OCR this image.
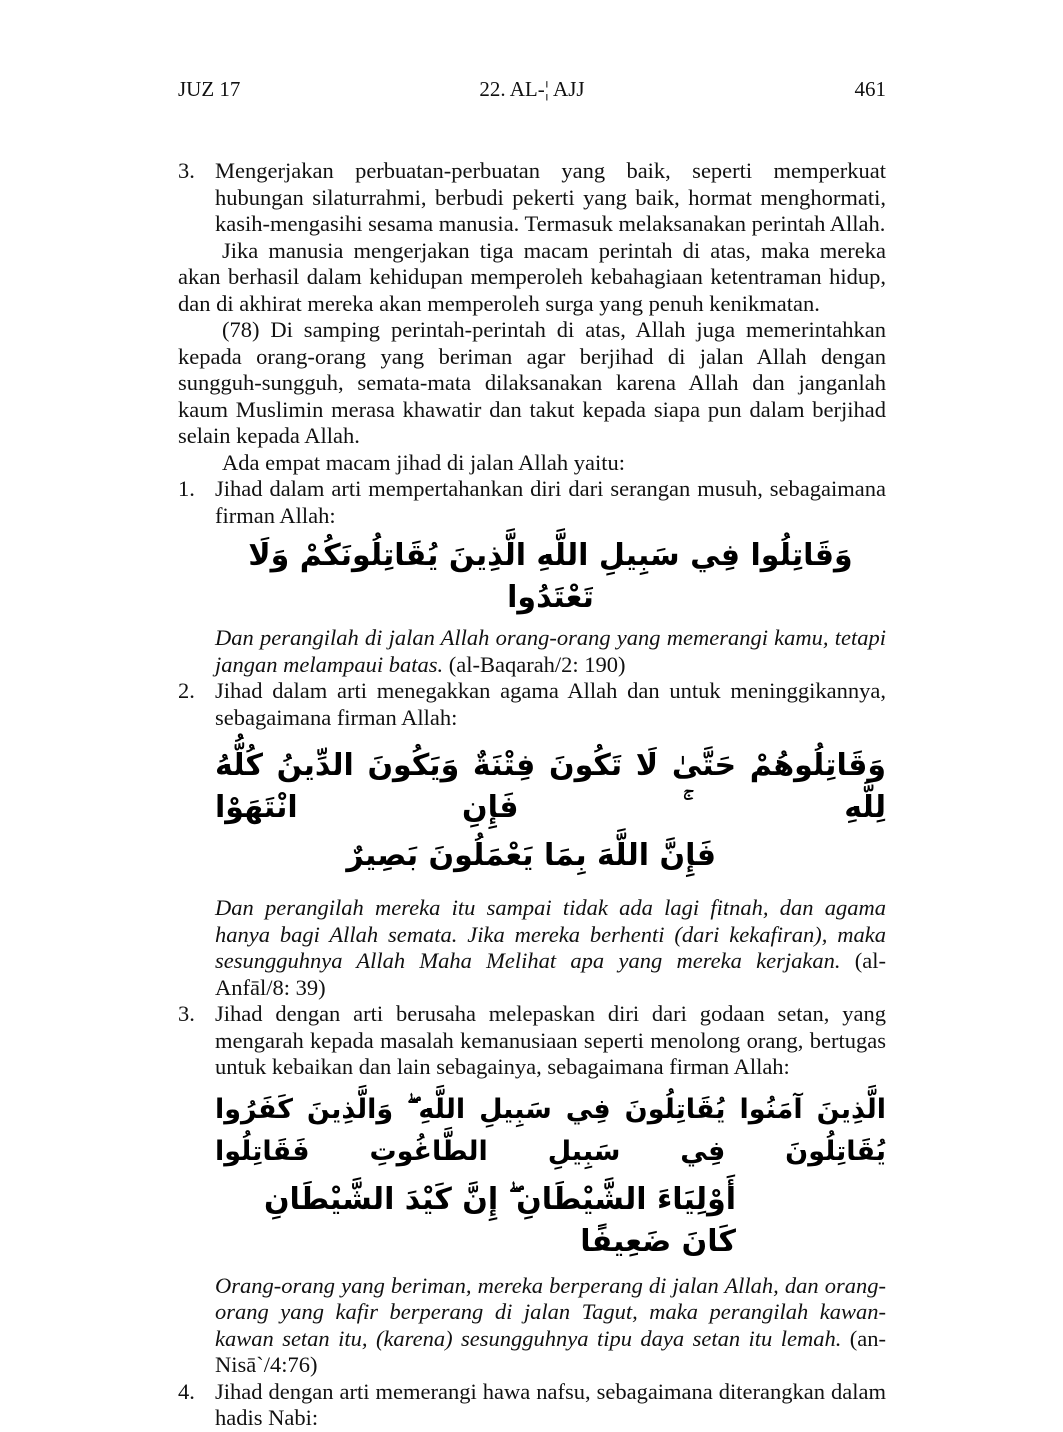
JUZ 17	22. AL-¦ AJJ	461
3. Mengerjakan perbuatan-perbuatan yang baik, seperti memperkuat hubungan silaturrahmi, berbudi pekerti yang baik, hormat menghormati, kasih-mengasihi sesama manusia. Termasuk melaksanakan perintah Allah.

Jika manusia mengerjakan tiga macam perintah di atas, maka mereka akan berhasil dalam kehidupan memperoleh kebahagiaan ketentraman hidup, dan di akhirat mereka akan memperoleh surga yang penuh kenikmatan.

(78) Di samping perintah-perintah di atas, Allah juga memerintahkan kepada orang-orang yang beriman agar berjihad di jalan Allah dengan sungguh-sungguh, semata-mata dilaksanakan karena Allah dan janganlah kaum Muslimin merasa khawatir dan takut kepada siapa pun dalam berjihad selain kepada Allah.

Ada empat macam jihad di jalan Allah yaitu:

1. Jihad dalam arti mempertahankan diri dari serangan musuh, sebagaimana firman Allah:

وَقَاتِلُوا فِي سَبِيلِ اللَّهِ الَّذِينَ يُقَاتِلُونَكُمْ وَلَا تَعْتَدُوا

Dan perangilah di jalan Allah orang-orang yang memerangi kamu, tetapi jangan melampaui batas. (al-Baqarah/2: 190)

2. Jihad dalam arti menegakkan agama Allah dan untuk meninggikannya, sebagaimana firman Allah:

وَقَاتِلُوهُمْ حَتَّىٰ لَا تَكُونَ فِتْنَةٌ وَيَكُونَ الدِّينُ كُلُّهُ لِلَّهِ ۚ فَإِنِ انْتَهَوْا
فَإِنَّ اللَّهَ بِمَا يَعْمَلُونَ بَصِيرٌ

Dan perangilah mereka itu sampai tidak ada lagi fitnah, dan agama hanya bagi Allah semata. Jika mereka berhenti (dari kekafiran), maka sesungguhnya Allah Maha Melihat apa yang mereka kerjakan. (al-Anfāl/8: 39)

3. Jihad dengan arti berusaha melepaskan diri dari godaan setan, yang mengarah kepada masalah kemanusiaan seperti menolong orang, bertugas untuk kebaikan dan lain sebagainya, sebagaimana firman Allah:

الَّذِينَ آمَنُوا يُقَاتِلُونَ فِي سَبِيلِ اللَّهِ ۖ وَالَّذِينَ كَفَرُوا يُقَاتِلُونَ فِي سَبِيلِ الطَّاغُوتِ فَقَاتِلُوا
أَوْلِيَاءَ الشَّيْطَانِ ۖ إِنَّ كَيْدَ الشَّيْطَانِ كَانَ ضَعِيفًا

Orang-orang yang beriman, mereka berperang di jalan Allah, dan orang-orang yang kafir berperang di jalan Tagut, maka perangilah kawan-kawan setan itu, (karena) sesungguhnya tipu daya setan itu lemah. (an-Nisā`/4:76)

4. Jihad dengan arti memerangi hawa nafsu, sebagaimana diterangkan dalam hadis Nabi:
